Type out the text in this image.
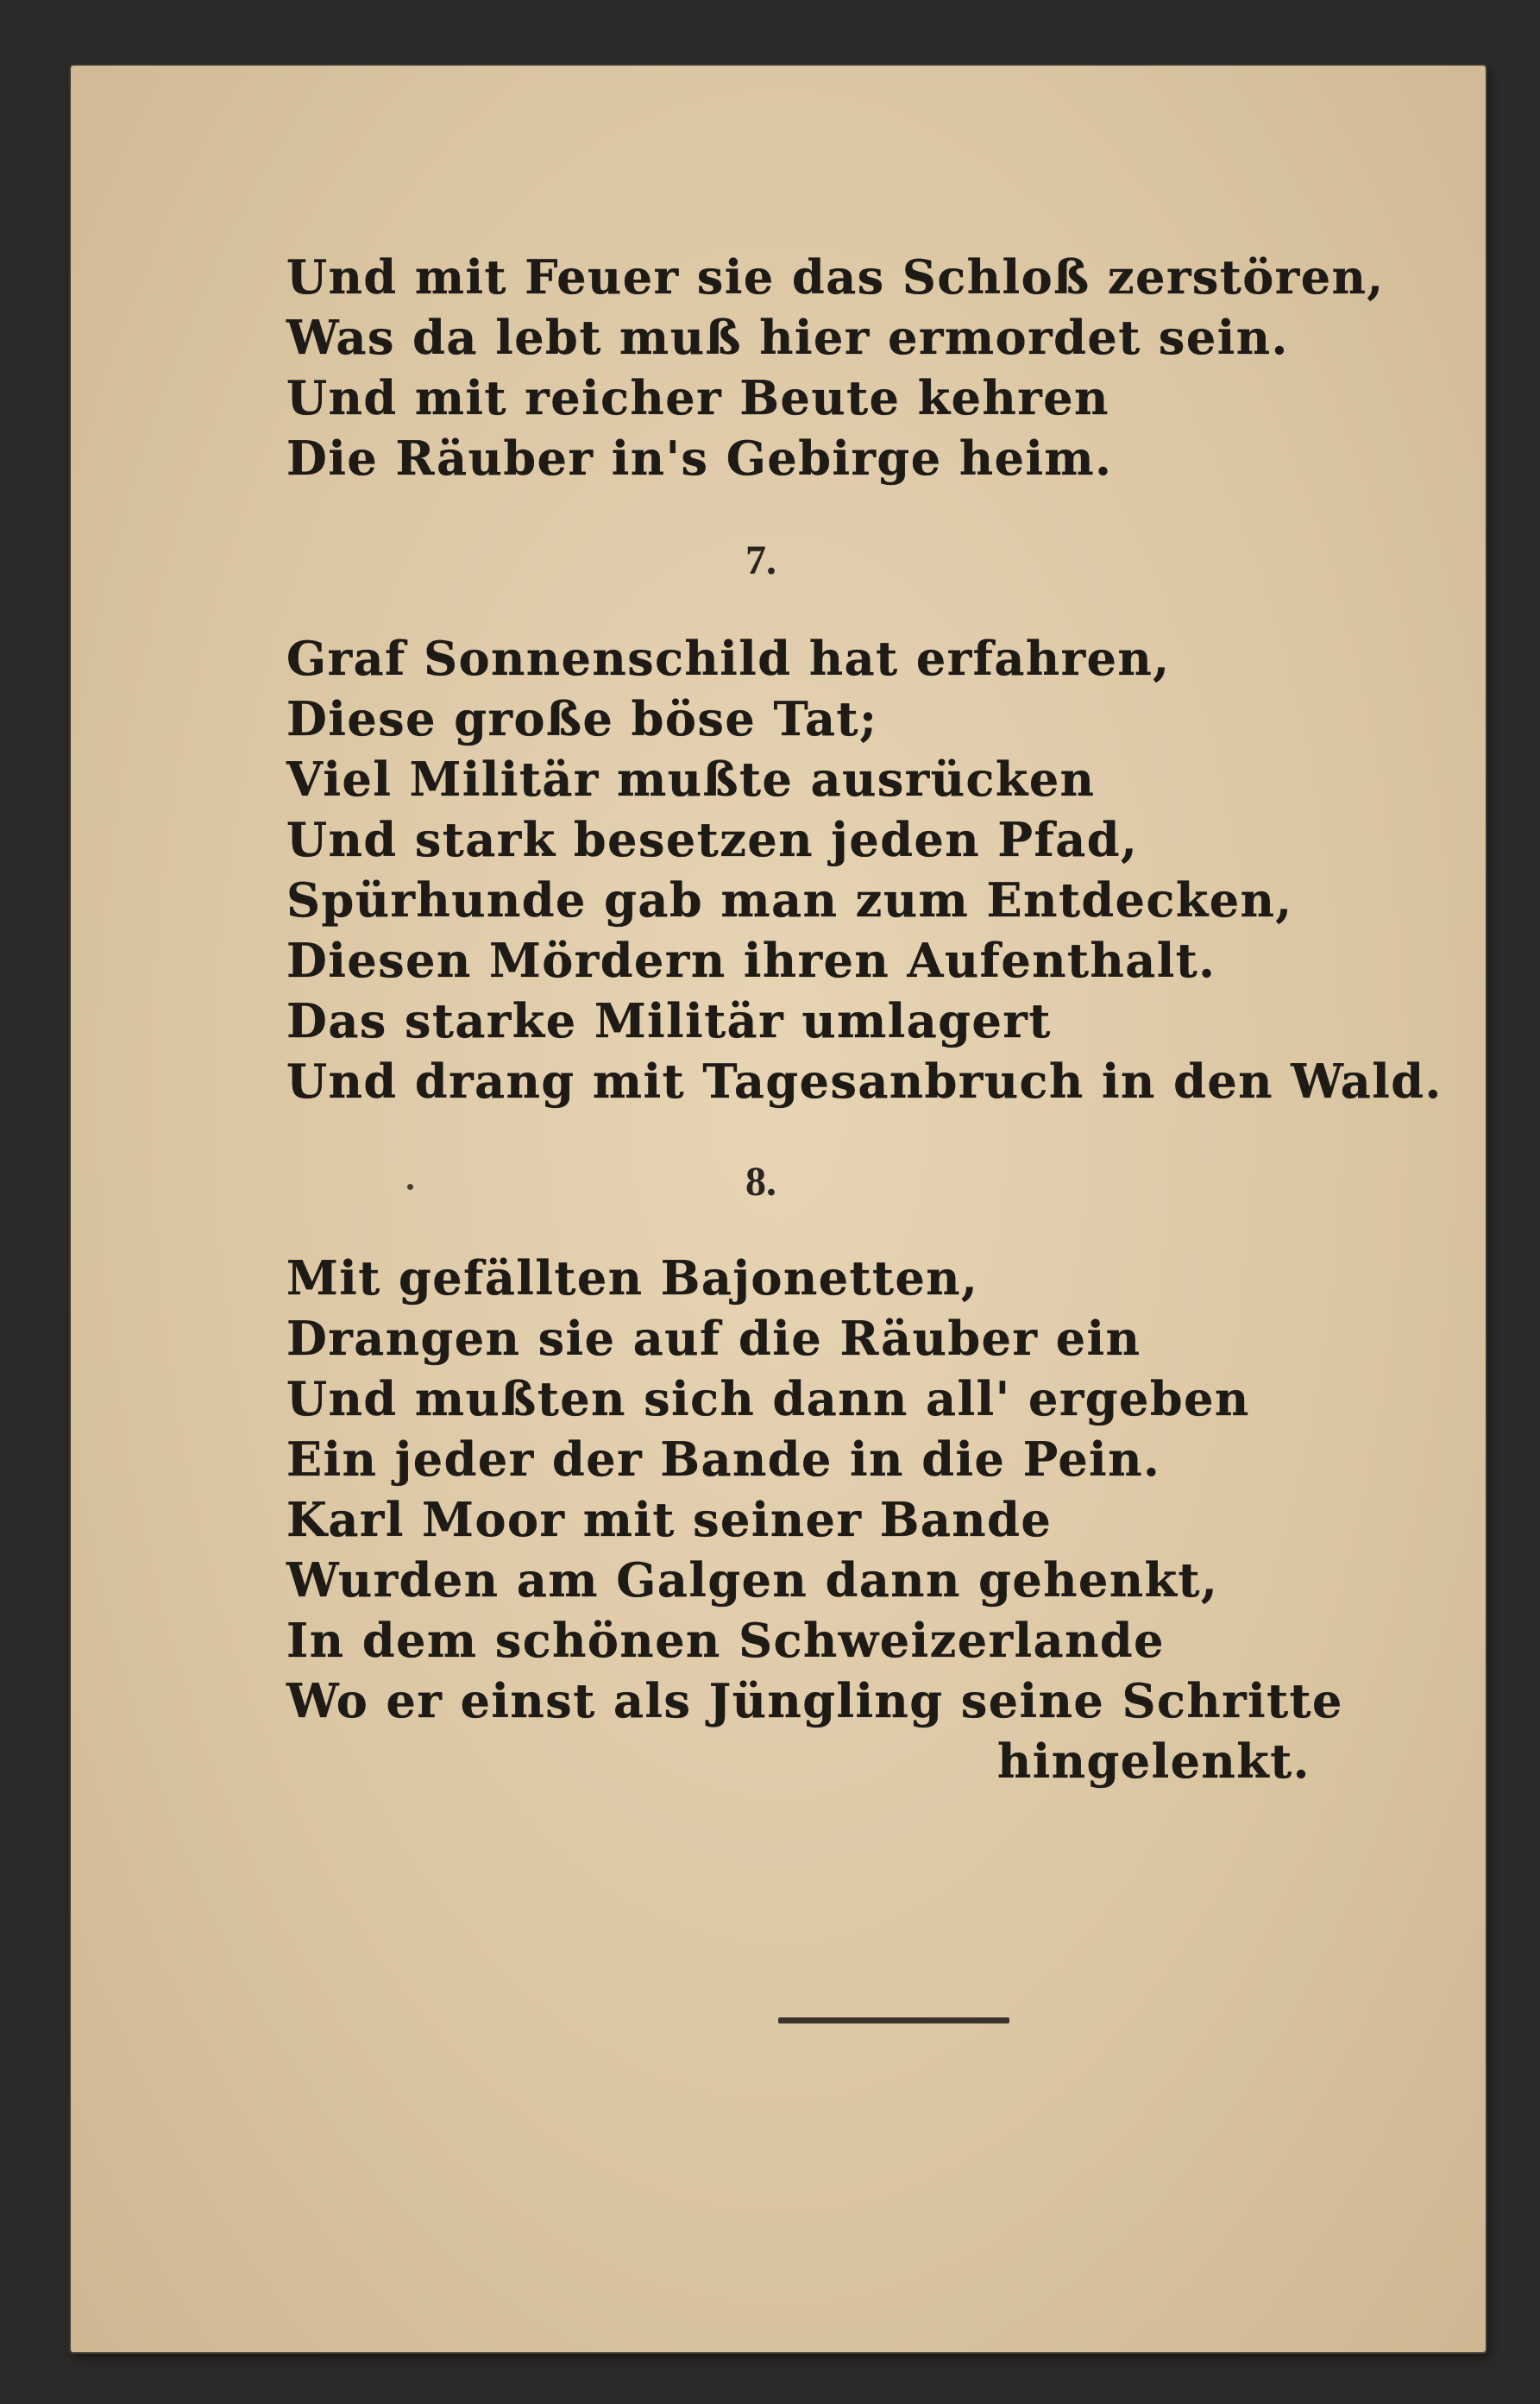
Und mit Feuer sie das Schloß zerstören,
Was da lebt muß hier ermordet sein.
Und mit reicher Beute kehren
Die Räuber in's Gebirge heim.
7.
Graf Sonnenschild hat erfahren,
Diese große böse Tat;
Viel Militär mußte ausrücken
Und stark besetzen jeden Pfad,
Spürhunde gab man zum Entdecken,
Diesen Mördern ihren Aufenthalt.
Das starke Militär umlagert
Und drang mit Tagesanbruch in den Wald.
8.
Mit gefällten Bajonetten,
Drangen sie auf die Räuber ein
Und mußten sich dann all' ergeben
Ein jeder der Bande in die Pein.
Karl Moor mit seiner Bande
Wurden am Galgen dann gehenkt,
In dem schönen Schweizerlande
Wo er einst als Jüngling seine Schritte
hingelenkt.
